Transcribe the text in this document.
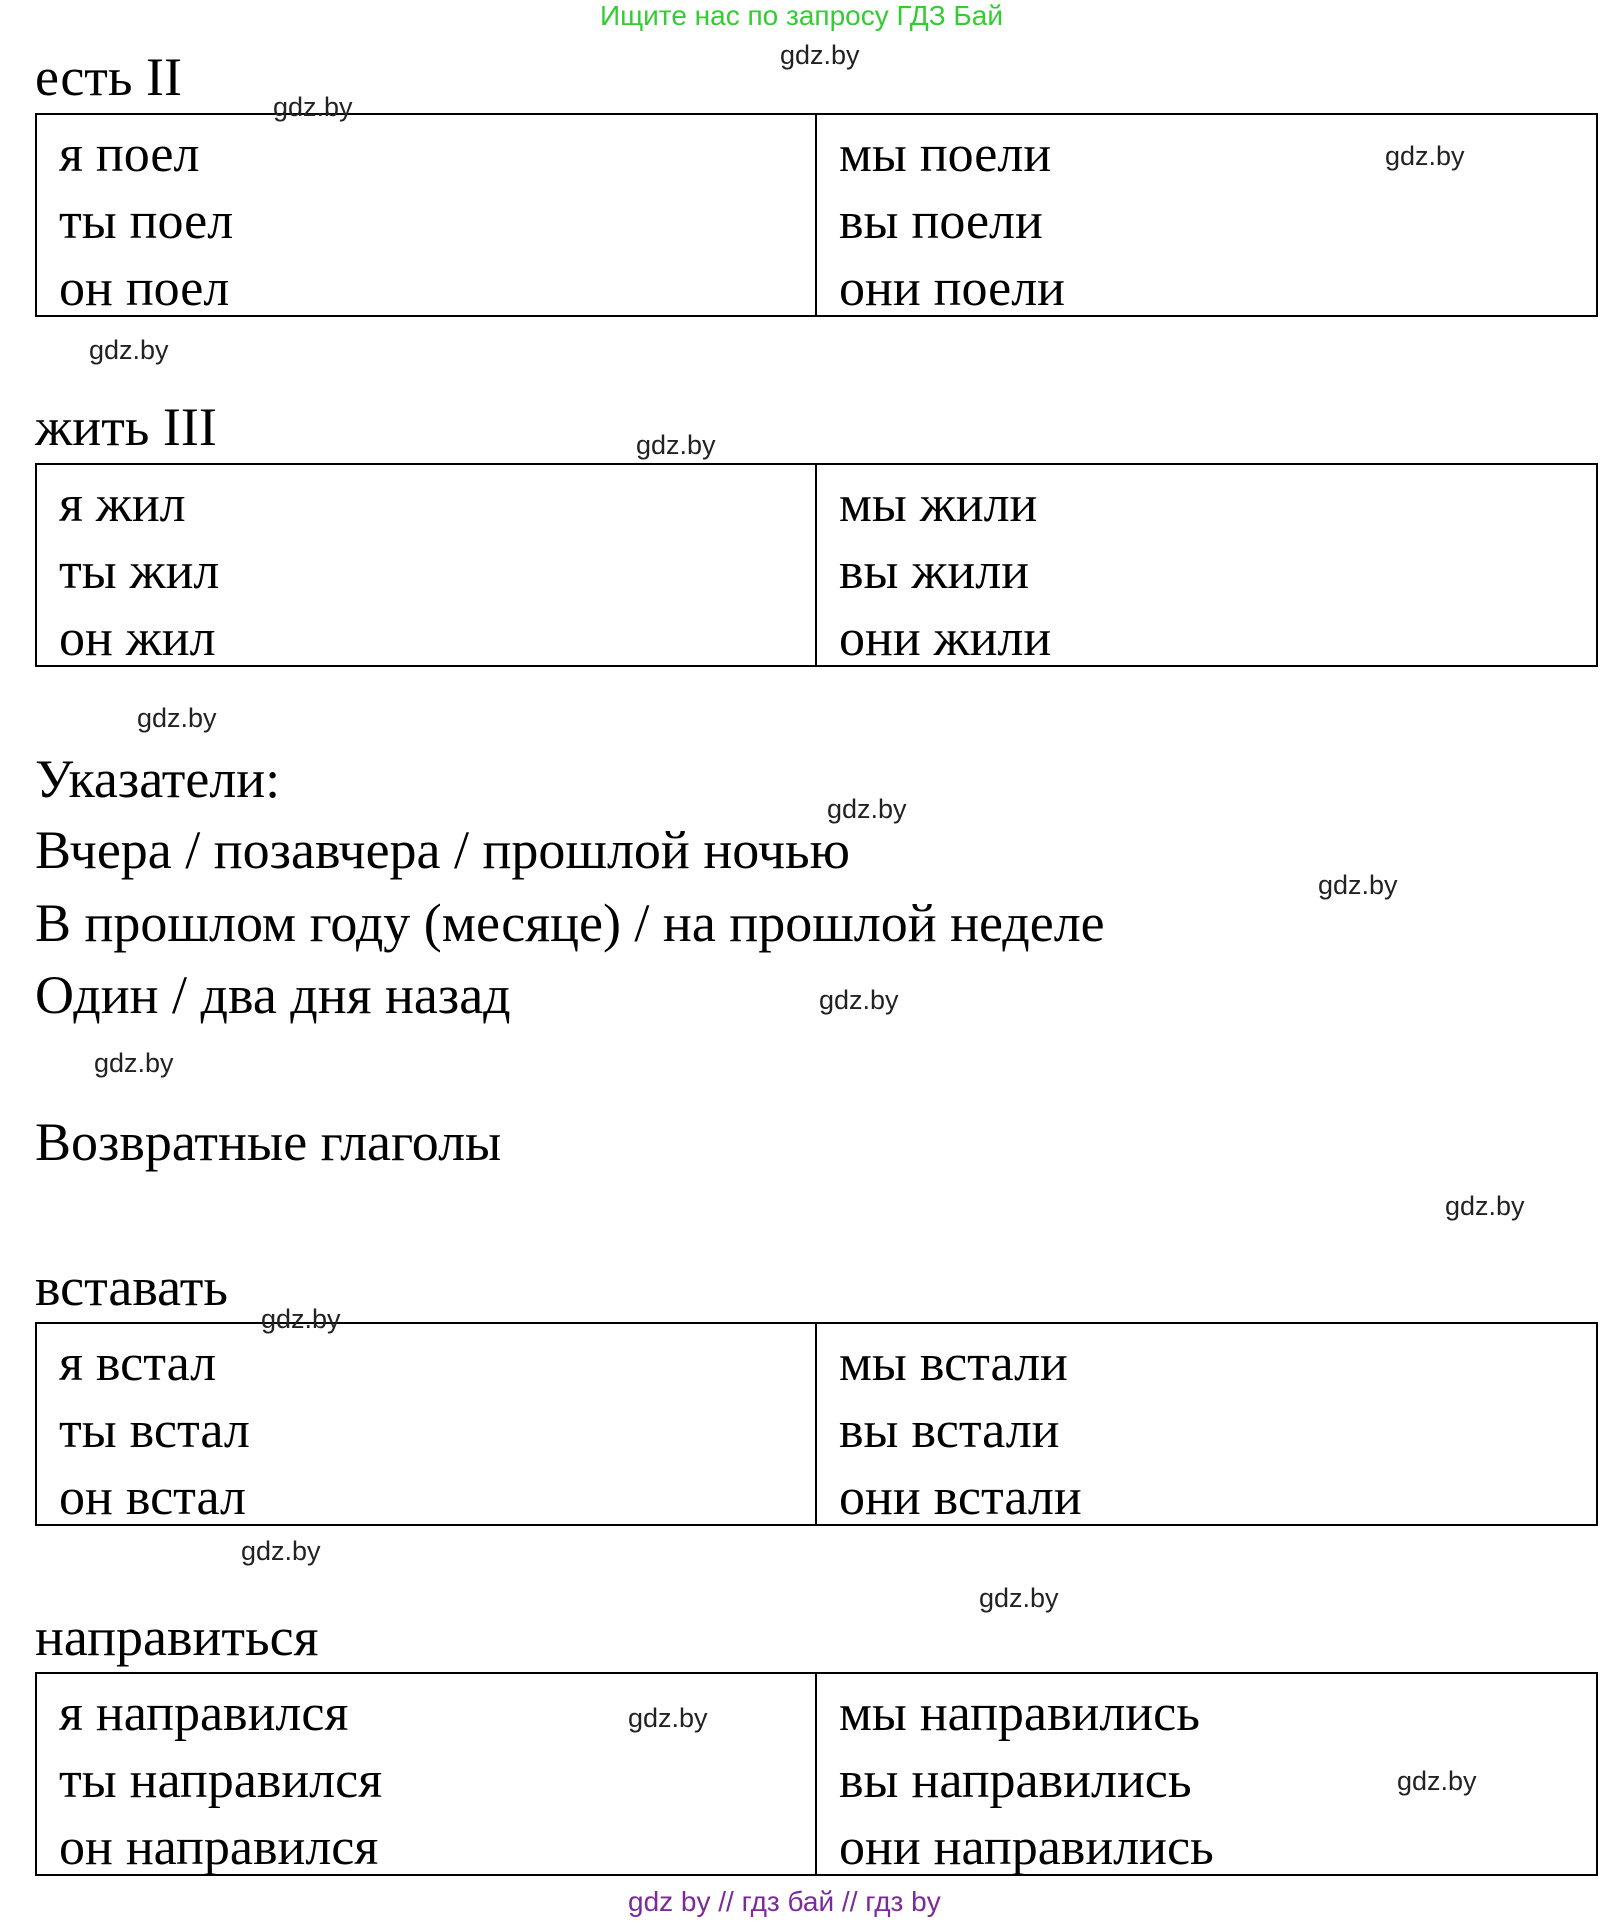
Ищите нас по запросу ГДЗ Бай
есть II
я поел
ты поел
он поел
мы поели
вы поели
они поели
жить III
я жил
ты жил
он жил
мы жили
вы жили
они жили
Указатели:
Вчера / позавчера / прошлой ночью
В прошлом году (месяце) / на прошлой неделе
Один / два дня назад
Возвратные глаголы
вставать
я встал
ты встал
он встал
мы встали
вы встали
они встали
направиться
я направился
ты направился
он направился
мы направились
вы направились
они направились
gdz.by
gdz.by
gdz.by
gdz.by
gdz.by
gdz.by
gdz.by
gdz.by
gdz.by
gdz.by
gdz.by
gdz.by
gdz.by
gdz.by
gdz.by
gdz.by
gdz by // гдз бай // гдз by
